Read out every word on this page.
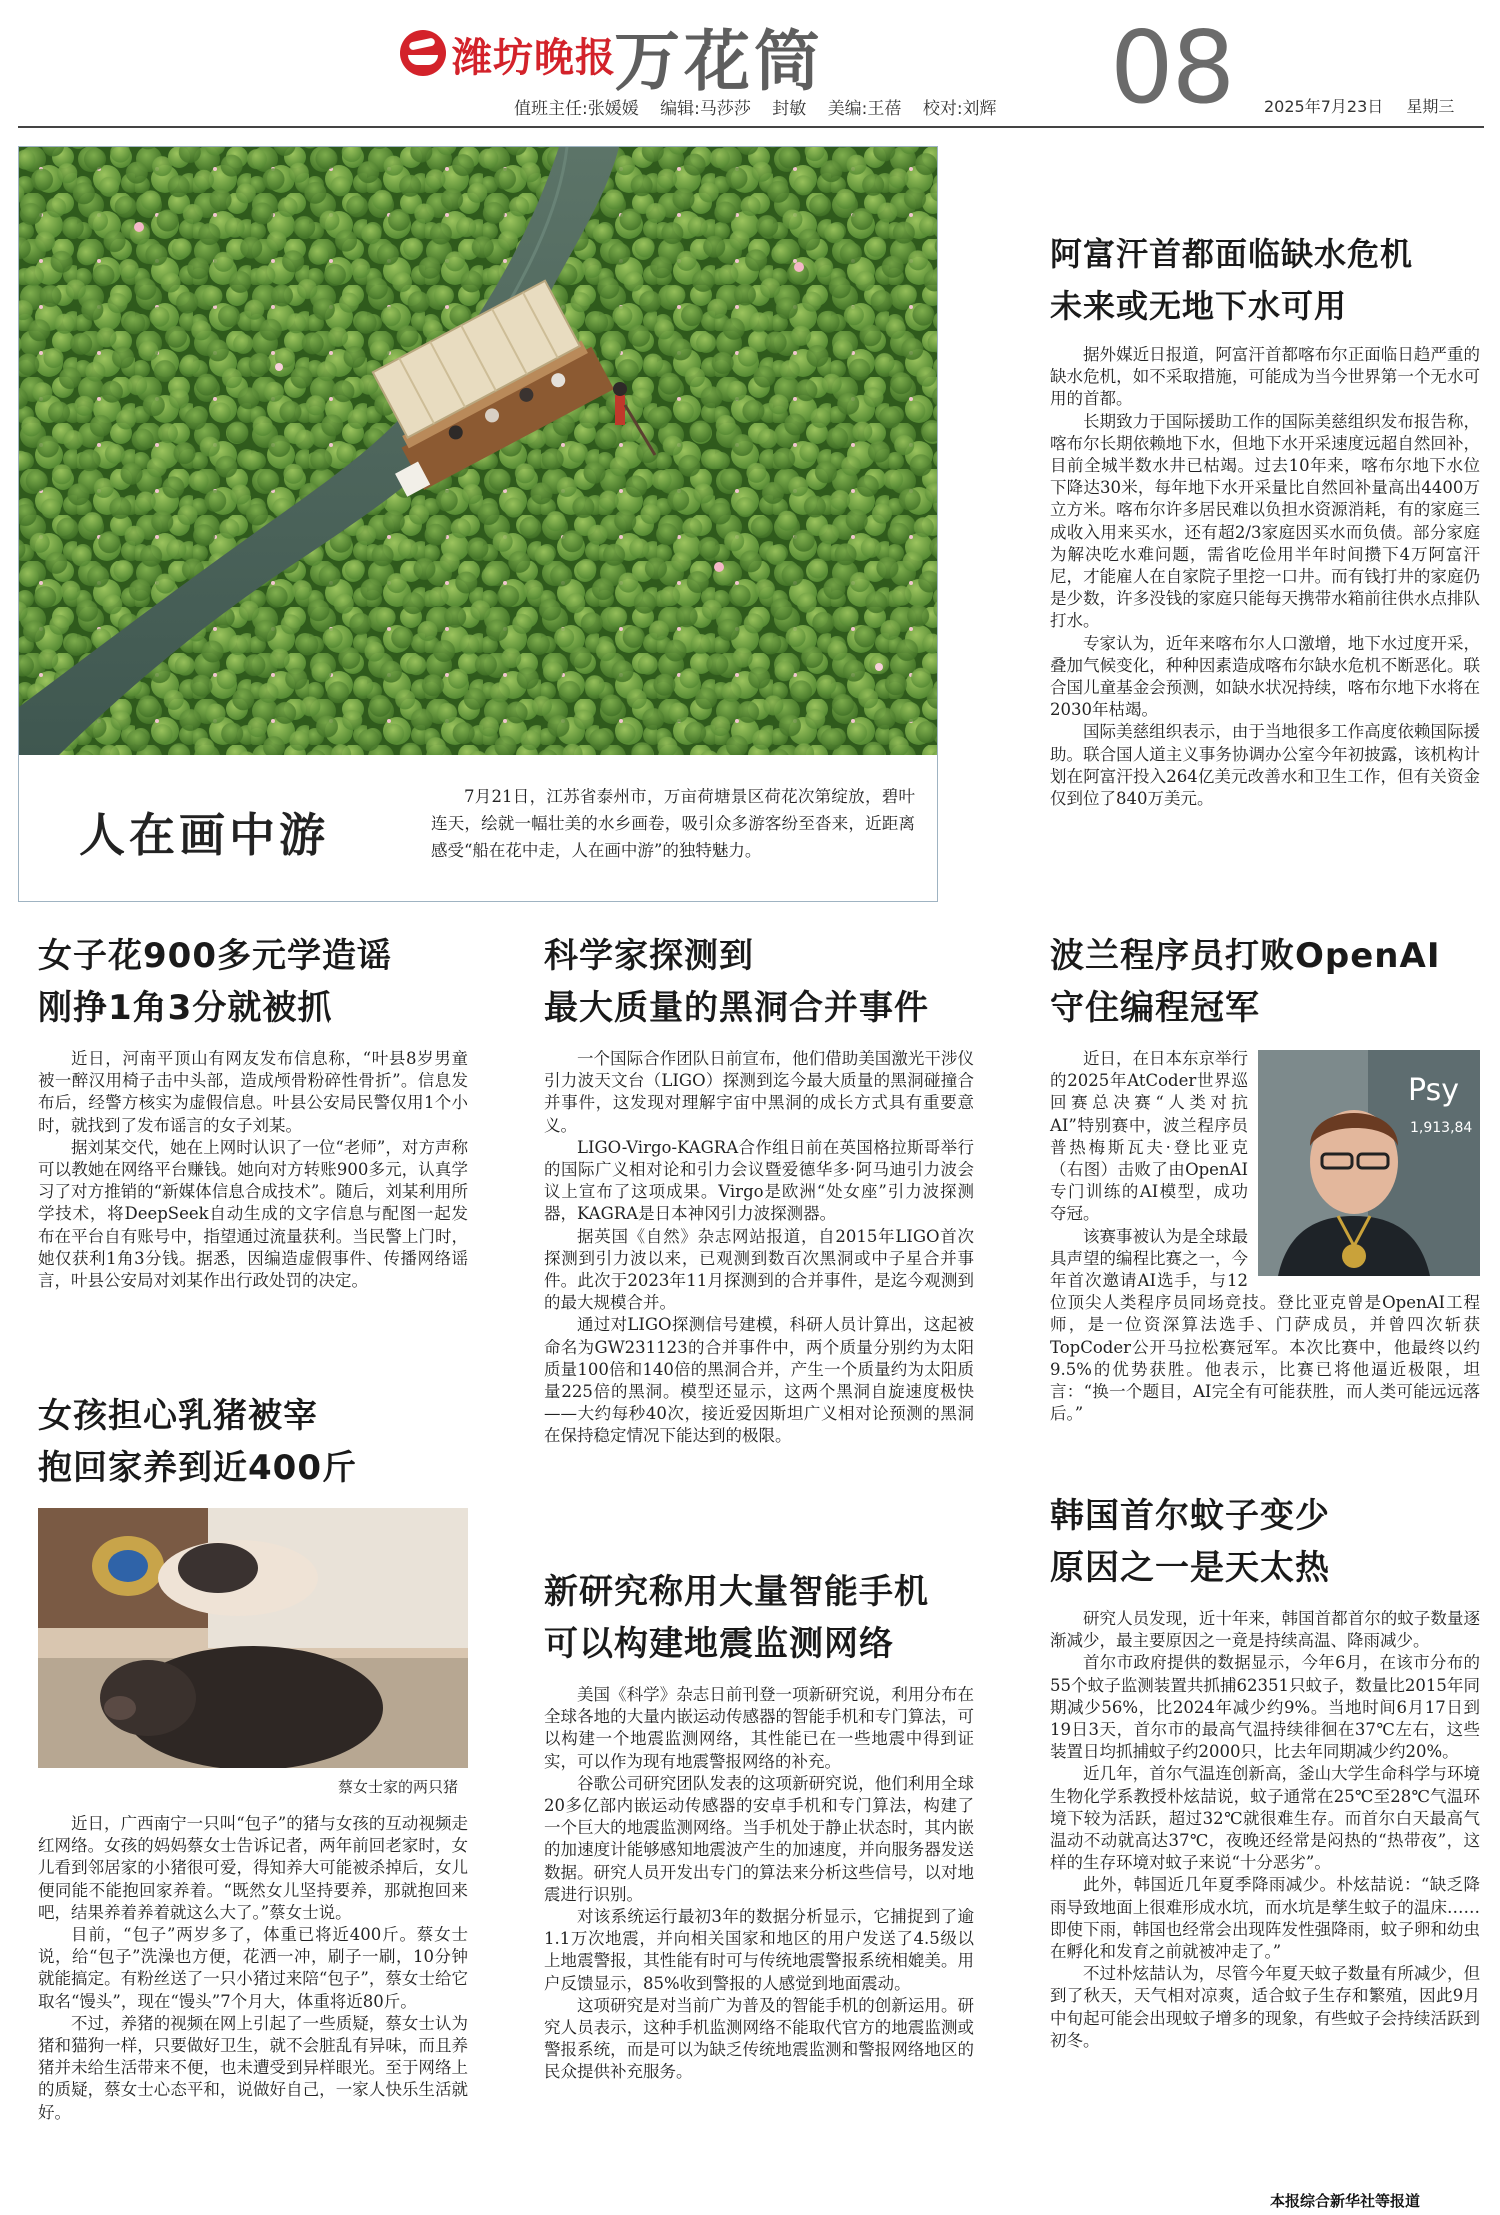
潍坊晚报
万花筒	08
值班主任:张媛媛 编辑:马莎莎 封敏 美编:王蓓 校对:刘辉	2025年7月23日 星期三
人在画中游
7月21日，江苏省泰州市，万亩荷塘景区荷花次第绽放，碧叶连天，绘就一幅壮美的水乡画卷，吸引众多游客纷至沓来，近距离感受“船在花中走，人在画中游”的独特魅力。
阿富汗首都面临缺水危机
未来或无地下水可用

据外媒近日报道，阿富汗首都喀布尔正面临日趋严重的缺水危机，如不采取措施，可能成为当今世界第一个无水可用的首都。

长期致力于国际援助工作的国际美慈组织发布报告称，喀布尔长期依赖地下水，但地下水开采速度远超自然回补，目前全城半数水井已枯竭。过去10年来，喀布尔地下水位下降达30米，每年地下水开采量比自然回补量高出4400万立方米。喀布尔许多居民难以负担水资源消耗，有的家庭三成收入用来买水，还有超2/3家庭因买水而负债。部分家庭为解决吃水难问题，需省吃俭用半年时间攒下4万阿富汗尼，才能雇人在自家院子里挖一口井。而有钱打井的家庭仍是少数，许多没钱的家庭只能每天携带水箱前往供水点排队打水。

专家认为，近年来喀布尔人口激增，地下水过度开采，叠加气候变化，种种因素造成喀布尔缺水危机不断恶化。联合国儿童基金会预测，如缺水状况持续，喀布尔地下水将在2030年枯竭。

国际美慈组织表示，由于当地很多工作高度依赖国际援助。联合国人道主义事务协调办公室今年初披露，该机构计划在阿富汗投入264亿美元改善水和卫生工作，但有关资金仅到位了840万美元。

女子花900多元学造谣
刚挣1角3分就被抓

近日，河南平顶山有网友发布信息称，“叶县8岁男童被一醉汉用椅子击中头部，造成颅骨粉碎性骨折”。信息发布后，经警方核实为虚假信息。叶县公安局民警仅用1个小时，就找到了发布谣言的女子刘某。

据刘某交代，她在上网时认识了一位“老师”，对方声称可以教她在网络平台赚钱。她向对方转账900多元，认真学习了对方推销的“新媒体信息合成技术”。随后，刘某利用所学技术，将DeepSeek自动生成的文字信息与配图一起发布在平台自有账号中，指望通过流量获利。当民警上门时，她仅获利1角3分钱。据悉，因编造虚假事件、传播网络谣言，叶县公安局对刘某作出行政处罚的决定。

女孩担心乳猪被宰
抱回家养到近400斤
蔡女士家的两只猪

近日，广西南宁一只叫“包子”的猪与女孩的互动视频走红网络。女孩的妈妈蔡女士告诉记者，两年前回老家时，女儿看到邻居家的小猪很可爱，得知养大可能被杀掉后，女儿便同能不能抱回家养着。“既然女儿坚持要养，那就抱回来吧，结果养着养着就这么大了。”蔡女士说。

目前，“包子”两岁多了，体重已将近400斤。蔡女士说，给“包子”洗澡也方便，花洒一冲，刷子一刷，10分钟就能搞定。有粉丝送了一只小猪过来陪“包子”，蔡女士给它取名“馒头”，现在“馒头”7个月大，体重将近80斤。

不过，养猪的视频在网上引起了一些质疑，蔡女士认为猪和猫狗一样，只要做好卫生，就不会脏乱有异味，而且养猪并未给生活带来不便，也未遭受到异样眼光。至于网络上的质疑，蔡女士心态平和，说做好自己，一家人快乐生活就好。

科学家探测到
最大质量的黑洞合并事件

一个国际合作团队日前宣布，他们借助美国激光干涉仪引力波天文台（LIGO）探测到迄今最大质量的黑洞碰撞合并事件，这发现对理解宇宙中黑洞的成长方式具有重要意义。

LIGO-Virgo-KAGRA合作组日前在英国格拉斯哥举行的国际广义相对论和引力会议暨爱德华多·阿马迪引力波会议上宣布了这项成果。Virgo是欧洲“处女座”引力波探测器，KAGRA是日本神冈引力波探测器。

据英国《自然》杂志网站报道，自2015年LIGO首次探测到引力波以来，已观测到数百次黑洞或中子星合并事件。此次于2023年11月探测到的合并事件，是迄今观测到的最大规模合并。

通过对LIGO探测信号建模，科研人员计算出，这起被命名为GW231123的合并事件中，两个质量分别约为太阳质量100倍和140倍的黑洞合并，产生一个质量约为太阳质量225倍的黑洞。模型还显示，这两个黑洞自旋速度极快——大约每秒40次，接近爱因斯坦广义相对论预测的黑洞在保持稳定情况下能达到的极限。

新研究称用大量智能手机
可以构建地震监测网络

美国《科学》杂志日前刊登一项新研究说，利用分布在全球各地的大量内嵌运动传感器的智能手机和专门算法，可以构建一个地震监测网络，其性能已在一些地震中得到证实，可以作为现有地震警报网络的补充。

谷歌公司研究团队发表的这项新研究说，他们利用全球20多亿部内嵌运动传感器的安卓手机和专门算法，构建了一个巨大的地震监测网络。当手机处于静止状态时，其内嵌的加速度计能够感知地震波产生的加速度，并向服务器发送数据。研究人员开发出专门的算法来分析这些信号，以对地震进行识别。

对该系统运行最初3年的数据分析显示，它捕捉到了逾1.1万次地震，并向相关国家和地区的用户发送了4.5级以上地震警报，其性能有时可与传统地震警报系统相媲美。用户反馈显示，85%收到警报的人感觉到地面震动。

这项研究是对当前广为普及的智能手机的创新运用。研究人员表示，这种手机监测网络不能取代官方的地震监测或警报系统，而是可以为缺乏传统地震监测和警报网络地区的民众提供补充服务。

波兰程序员打败OpenAI
守住编程冠军
Psy
1,913,84

近日，在日本东京举行的2025年AtCoder世界巡回赛总决赛“人类对抗AI”特别赛中，波兰程序员普热梅斯瓦夫·登比亚克（右图）击败了由OpenAI专门训练的AI模型，成功夺冠。

该赛事被认为是全球最具声望的编程比赛之一，今年首次邀请AI选手，与12位顶尖人类程序员同场竞技。登比亚克曾是OpenAI工程师，是一位资深算法选手、门萨成员，并曾四次斩获TopCoder公开马拉松赛冠军。本次比赛中，他最终以约9.5%的优势获胜。他表示，比赛已将他逼近极限，坦言：“换一个题目，AI完全有可能获胜，而人类可能远远落后。”

韩国首尔蚊子变少
原因之一是天太热

研究人员发现，近十年来，韩国首都首尔的蚊子数量逐渐减少，最主要原因之一竟是持续高温、降雨减少。

首尔市政府提供的数据显示，今年6月，在该市分布的55个蚊子监测装置共抓捕62351只蚊子，数量比2015年同期减少56%，比2024年减少约9%。当地时间6月17日到19日3天，首尔市的最高气温持续徘徊在37℃左右，这些装置日均抓捕蚊子约2000只，比去年同期减少约20%。

近几年，首尔气温连创新高，釜山大学生命科学与环境生物化学系教授朴炫喆说，蚊子通常在25℃至28℃气温环境下较为活跃，超过32℃就很难生存。而首尔白天最高气温动不动就高达37℃，夜晚还经常是闷热的“热带夜”，这样的生存环境对蚊子来说“十分恶劣”。

此外，韩国近几年夏季降雨减少。朴炫喆说：“缺乏降雨导致地面上很难形成水坑，而水坑是孳生蚊子的温床……即使下雨，韩国也经常会出现阵发性强降雨，蚊子卵和幼虫在孵化和发育之前就被冲走了。”

不过朴炫喆认为，尽管今年夏天蚊子数量有所减少，但到了秋天，天气相对凉爽，适合蚊子生存和繁殖，因此9月中旬起可能会出现蚊子增多的现象，有些蚊子会持续活跃到初冬。

本报综合新华社等报道
